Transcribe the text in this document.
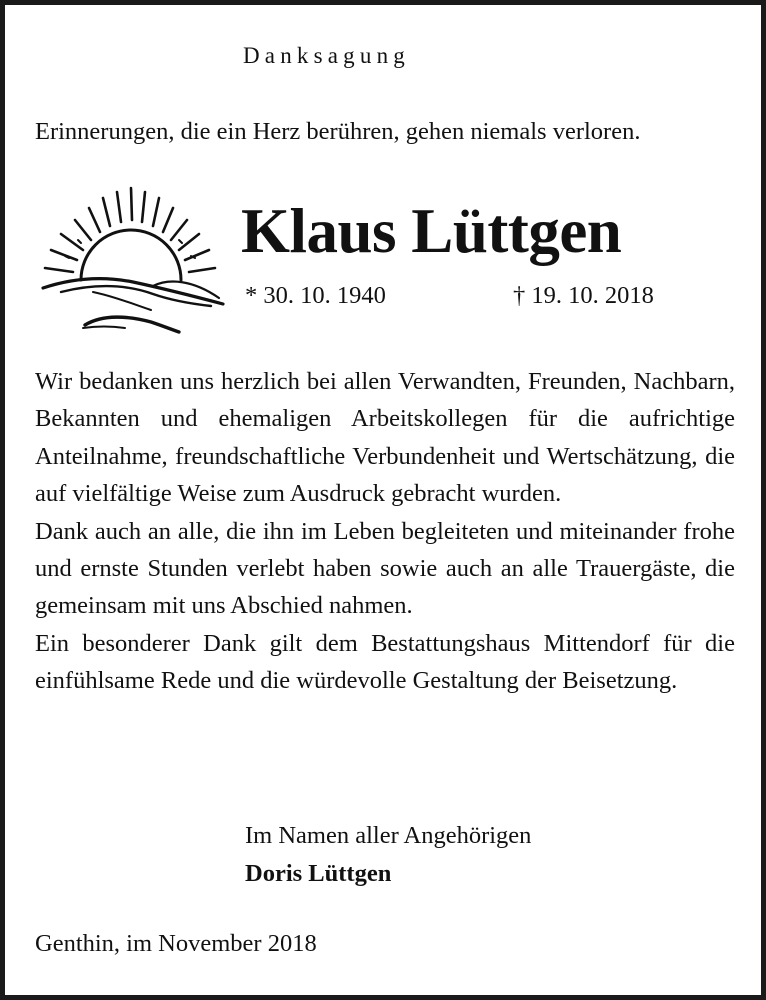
Danksagung
Erinnerungen, die ein Herz berühren, gehen niemals verloren.
Klaus Lüttgen
* 30. 10. 1940	† 19. 10. 2018

Wir bedanken uns herzlich bei allen Verwandten, Freunden, Nachbarn, Bekannten und ehemaligen Arbeitskollegen für die aufrichtige Anteilnahme, freundschaftliche Verbundenheit und Wertschätzung, die auf vielfältige Weise zum Ausdruck gebracht wurden.

Dank auch an alle, die ihn im Leben begleiteten und miteinander frohe und ernste Stunden verlebt haben sowie auch an alle Trauergäste, die gemeinsam mit uns Abschied nahmen.

Ein besonderer Dank gilt dem Bestattungshaus Mittendorf für die einfühlsame Rede und die würdevolle Gestaltung der Beisetzung.

Im Namen aller Angehörigen
Doris Lüttgen
Genthin, im November 2018
